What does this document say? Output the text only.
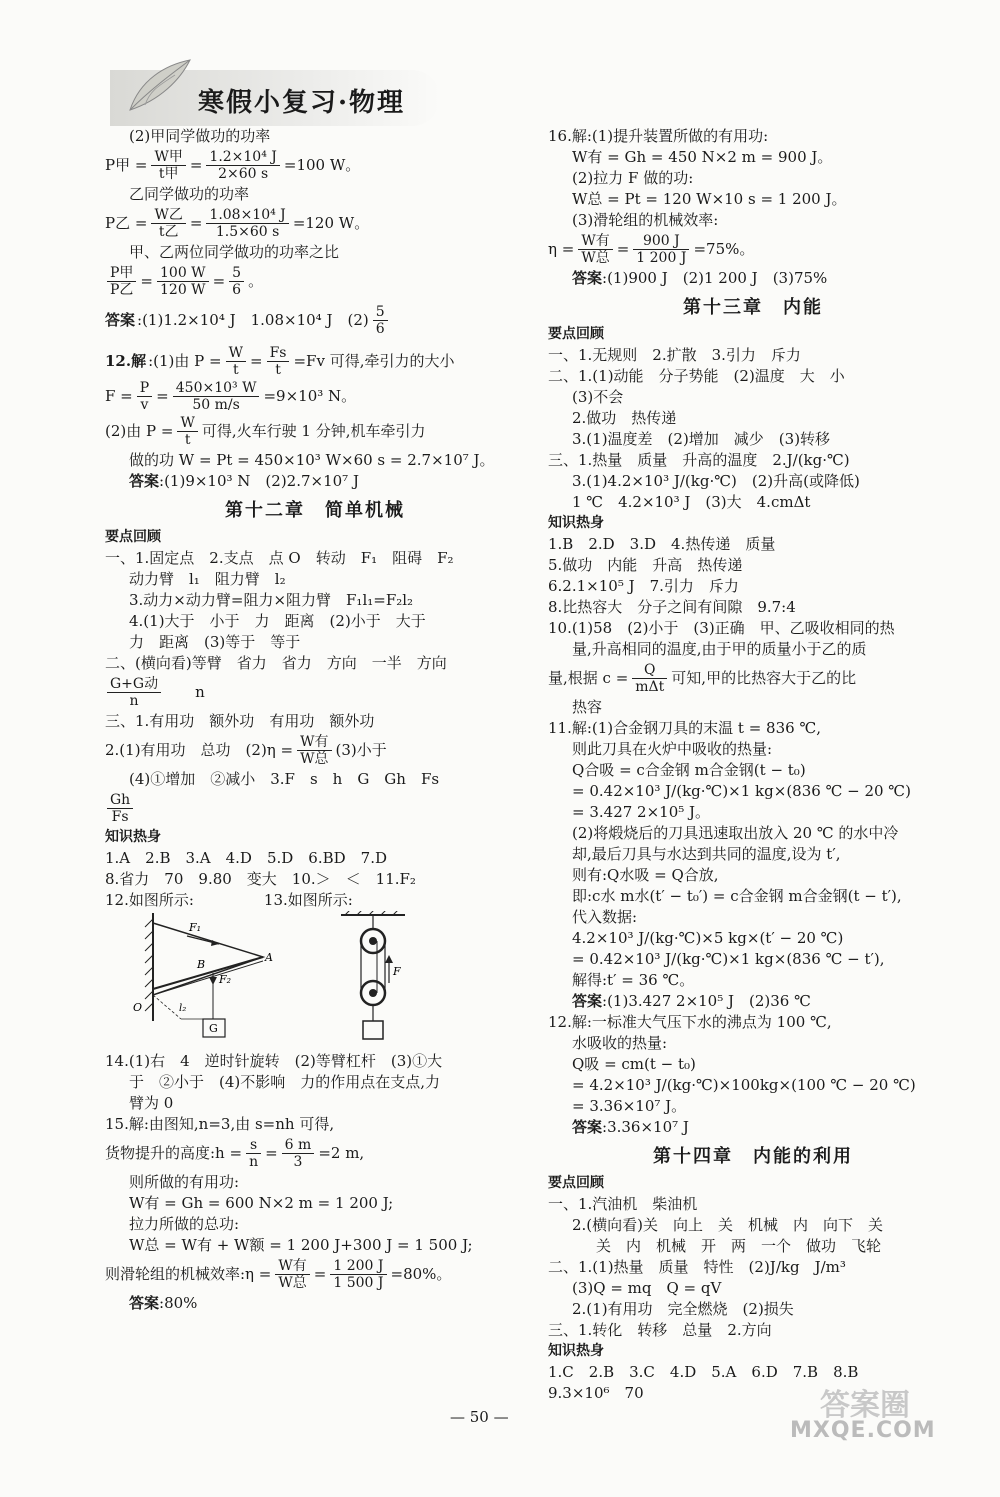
寒假小复习·物理
(2)甲同学做功的功率
P甲 = $\frac{\text{W甲}}{\text{t甲}} = \frac{\text{1.2×10⁴ J}}{2\times 60 s} =100$ W。
乙同学做功的功率
P乙 = $\frac{\text{W乙}}{\text{t乙}} = \frac{\text{1.08×10⁴ J}}{1.5\times 60 s} =120$ W。
甲、乙两位同学做功的功率之比
$\frac{\text{P甲}}{\text{P乙}} = \frac{100 W}{120 W} = \frac{5}{6}$ 。
答案 :(1)1.2×10⁴ J　1.08×10⁴ J　$(2) \frac{5}{6}$
12.解 :(1)由 $P = \frac{W}{t} = \frac{Fs}{t} =Fv$ 可得,牵引力的大小
$F = \frac{P}{v} = \frac{\text{450×10³ W}}{50 m/s} =9\times 10^3$ N。
(2)由 $P = \frac{W}{t}$ 可得,火车行驶 1 分钟,机车牵引力
做的功 W = Pt = 450×10³ W×60 s = 2.7×10⁷ J。
答案:(1)9×10³ N　(2)2.7×10⁷ J
第十二章　简单机械
要点回顾
一、1.固定点　2.支点　点 O　转动　F₁　阻碍　F₂
动力臂　l₁　阻力臂　l₂
3.动力×动力臂=阻力×阻力臂　F₁l₁=F₂l₂
4.(1)大于　小于　力　距离　(2)小于　大于
力　距离　(3)等于　等于
二、(横向看)等臂　省力　省力　方向　一半　方向
$\frac{\text{G+G动}}{n}$ n
三、1.有用功　额外功　有用功　额外功
2.(1)有用功　总功　$(2)\eta = \frac{\text{W有}}{\text{W总}} (3)$小于
(4)①增加　②减小　3.F　s　h　G　Gh　Fs
$\frac{Gh}{Fs}$
知识热身
1.A　2.B　3.A　4.D　5.D　6.BD　7.D
8.省力　70　9.80　变大　10.＞　＜　11.F₂
12.如图所示:	13.如图所示:
F₁
B
A
F₂
O	l₂
G
F
14.(1)右　4　逆时针旋转　(2)等臂杠杆　(3)①大
于　②小于　(4)不影响　力的作用点在支点,力
臂为 0
15.解:由图知,n=3,由 s=nh 可得,
货物提升的高度:h = $\frac{s}{n} = \frac{6 m}{3} =2$ m,
则所做的有用功:
W有 = Gh = 600 N×2 m = 1 200 J;
拉力所做的总功:
W总 = W有 + W额 = 1 200 J+300 J = 1 500 J;
则滑轮组的机械效率:η = $\frac{\text{W有}}{\text{W总}} = \frac{1 200 J}{1 500 J} =80\%$。
答案:80%
16.解:(1)提升装置所做的有用功:
W有 = Gh = 450 N×2 m = 900 J。
(2)拉力 F 做的功:
W总 = Pt = 120 W×10 s = 1 200 J。
(3)滑轮组的机械效率:
$\eta = \frac{\text{W有}}{\text{W总}} = \frac{900 J}{1 200 J} =75\%$。
答案:(1)900 J　(2)1 200 J　(3)75%
第十三章　内能
要点回顾
一、1.无规则　2.扩散　3.引力　斥力
二、1.(1)动能　分子势能　(2)温度　大　小
(3)不会
2.做功　热传递
3.(1)温度差　(2)增加　减少　(3)转移
三、1.热量　质量　升高的温度　2.J/(kg·℃)
3.(1)4.2×10³ J/(kg·℃)　(2)升高(或降低)
1 ℃　4.2×10³ J　(3)大　4.cmΔt
知识热身
1.B　2.D　3.D　4.热传递　质量
5.做功　内能　升高　热传递
6.2.1×10⁵ J　7.引力　斥力
8.比热容大　分子之间有间隙　9.7:4
10.(1)58　(2)小于　(3)正确　甲、乙吸收相同的热
量,升高相同的温度,由于甲的质量小于乙的质
量,根据 $c = \frac{Q}{\text{mΔt}}$ 可知,甲的比热容大于乙的比
热容
11.解:(1)合金钢刀具的末温 t = 836 ℃,
则此刀具在火炉中吸收的热量:
Q合吸 = c合金钢 m合金钢(t − t₀)
= 0.42×10³ J/(kg·℃)×1 kg×(836 ℃ − 20 ℃)
= 3.427 2×10⁵ J。
(2)将煅烧后的刀具迅速取出放入 20 ℃ 的水中冷
却,最后刀具与水达到共同的温度,设为 t′,
则有:Q水吸 = Q合放,
即:c水 m水(t′ − t₀′) = c合金钢 m合金钢(t − t′),
代入数据:
4.2×10³ J/(kg·℃)×5 kg×(t′ − 20 ℃)
= 0.42×10³ J/(kg·℃)×1 kg×(836 ℃ − t′),
解得:t′ = 36 ℃。
答案:(1)3.427 2×10⁵ J　(2)36 ℃
12.解:一标准大气压下水的沸点为 100 ℃,
水吸收的热量:
Q吸 = cm(t − t₀)
= 4.2×10³ J/(kg·℃)×100kg×(100 ℃ − 20 ℃)
= 3.36×10⁷ J。
答案:3.36×10⁷ J
第十四章　内能的利用
要点回顾
一、1.汽油机　柴油机
2.(横向看)关　向上　关　机械　内　向下　关
关　内　机械　开　两　一个　做功　飞轮
二、1.(1)热量　质量　特性　(2)J/kg　J/m³
(3)Q = mq　Q = qV
2.(1)有用功　完全燃烧　(2)损失
三、1.转化　转移　总量　2.方向
知识热身
1.C　2.B　3.C　4.D　5.A　6.D　7.B　8.B
9.3×10⁶　70
— 50 —	答案圈
MXQE.COM
